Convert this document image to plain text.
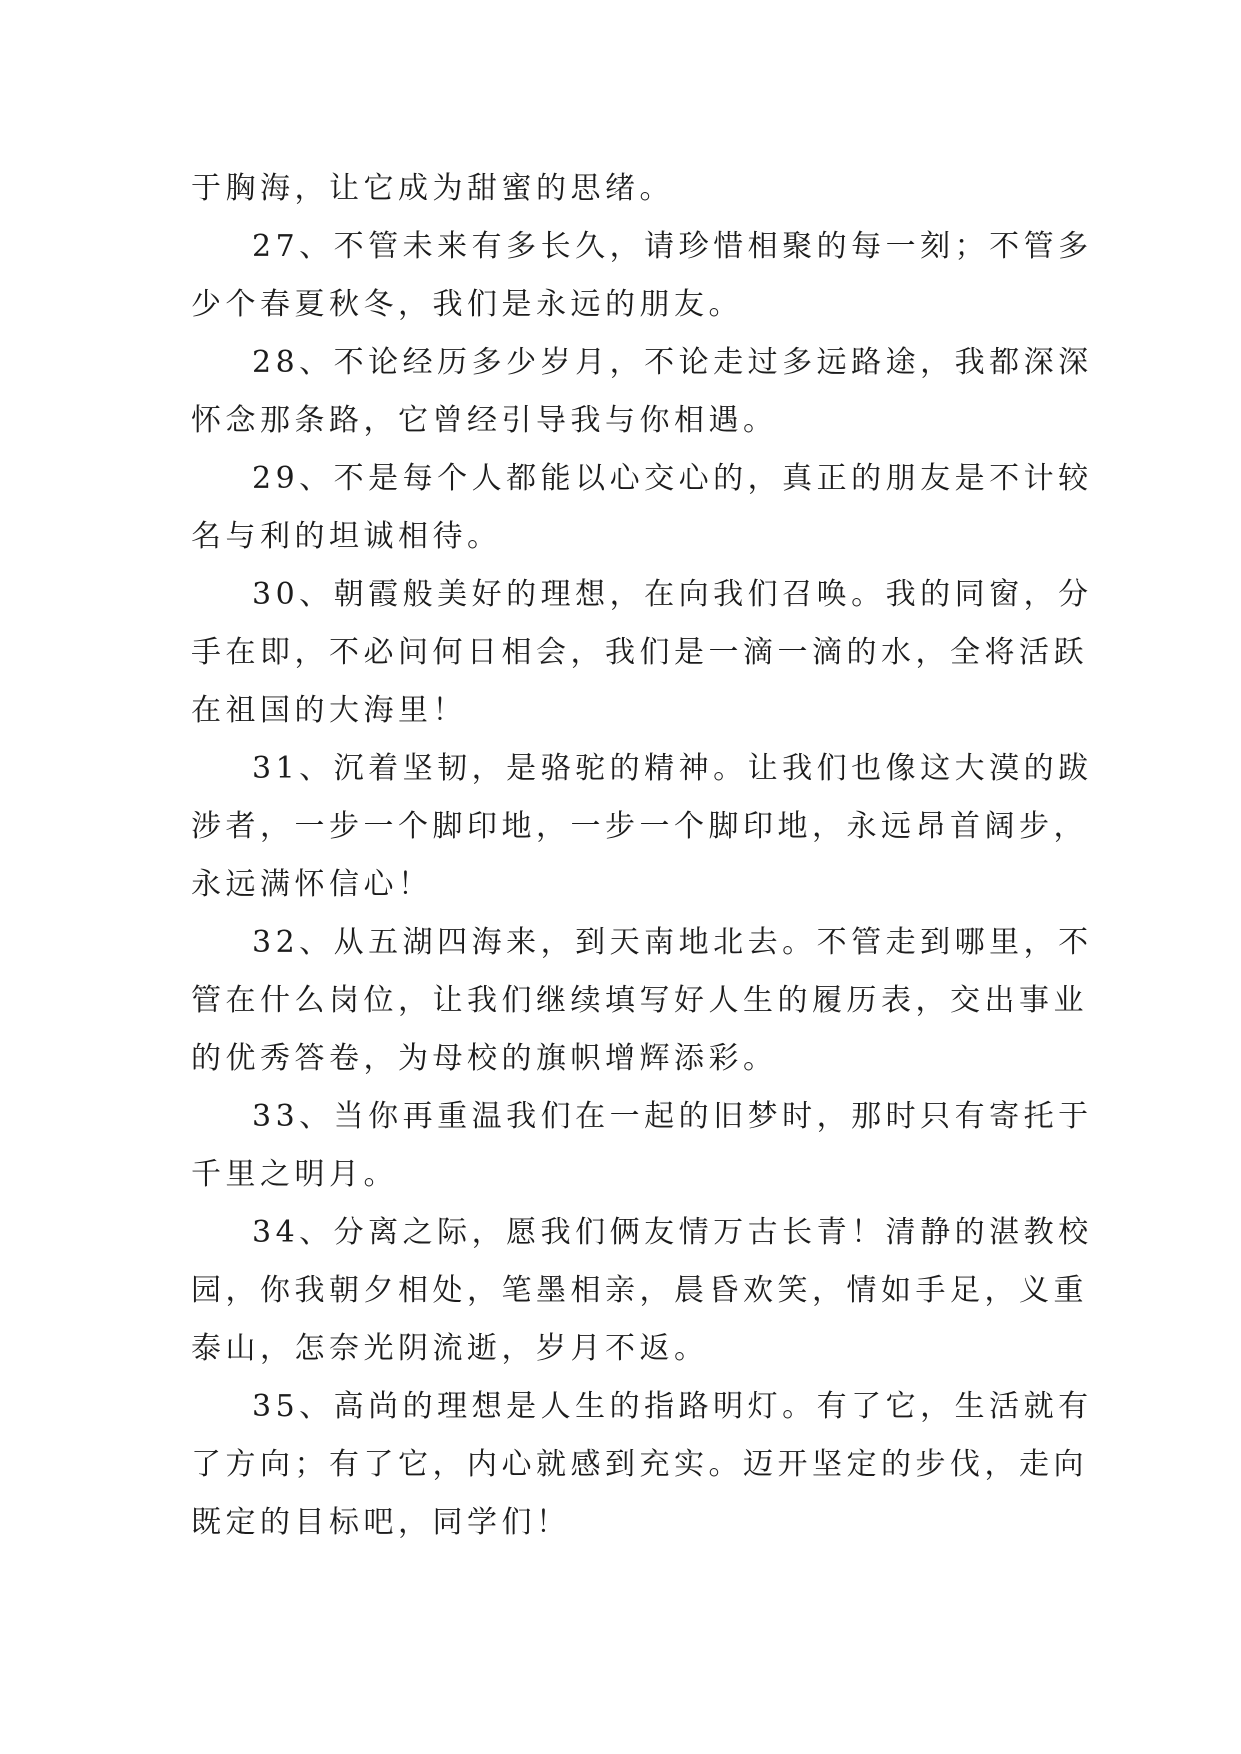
于胸海，让它成为甜蜜的思绪。
27、不管未来有多长久，请珍惜相聚的每一刻；不管多
少个春夏秋冬，我们是永远的朋友。
28、不论经历多少岁月，不论走过多远路途，我都深深
怀念那条路，它曾经引导我与你相遇。
29、不是每个人都能以心交心的，真正的朋友是不计较
名与利的坦诚相待。
30、朝霞般美好的理想，在向我们召唤。我的同窗，分
手在即，不必问何日相会，我们是一滴一滴的水，全将活跃
在祖国的大海里！
31、沉着坚韧，是骆驼的精神。让我们也像这大漠的跋
涉者，一步一个脚印地，一步一个脚印地，永远昂首阔步，
永远满怀信心！
32、从五湖四海来，到天南地北去。不管走到哪里，不
管在什么岗位，让我们继续填写好人生的履历表，交出事业
的优秀答卷，为母校的旗帜增辉添彩。
33、当你再重温我们在一起的旧梦时，那时只有寄托于
千里之明月。
34、分离之际，愿我们俩友情万古长青！清静的湛教校
园，你我朝夕相处，笔墨相亲，晨昏欢笑，情如手足，义重
泰山，怎奈光阴流逝，岁月不返。
35、高尚的理想是人生的指路明灯。有了它，生活就有
了方向；有了它，内心就感到充实。迈开坚定的步伐，走向
既定的目标吧，同学们！
